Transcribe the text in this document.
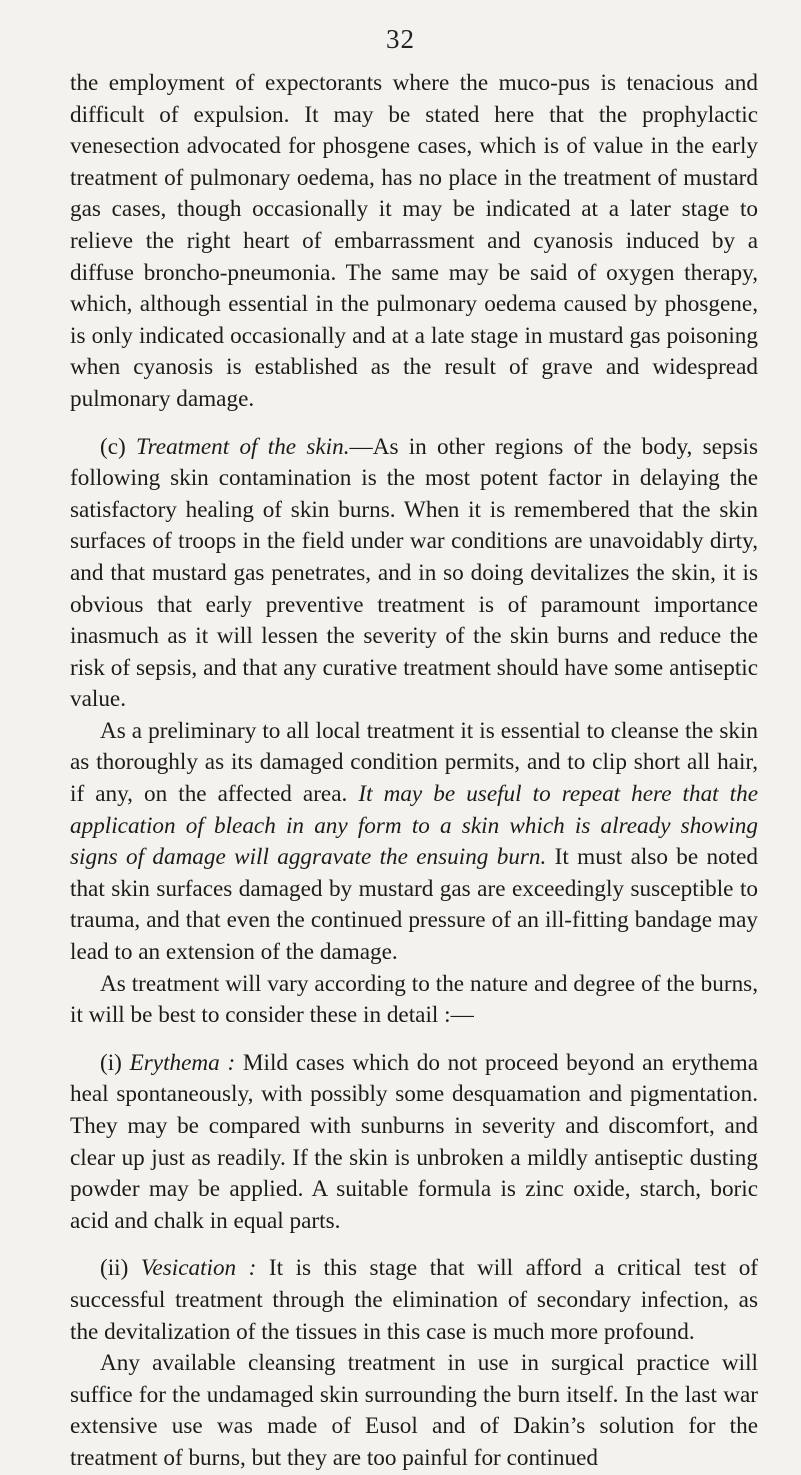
32

the employment of expectorants where the muco-pus is tenacious and difficult of expulsion. It may be stated here that the prophylactic venesection advocated for phosgene cases, which is of value in the early treatment of pulmonary oedema, has no place in the treatment of mustard gas cases, though occasionally it may be indicated at a later stage to relieve the right heart of embarrassment and cyanosis induced by a diffuse broncho-pneumonia. The same may be said of oxygen therapy, which, although essential in the pulmonary oedema caused by phosgene, is only indicated occasionally and at a late stage in mustard gas poisoning when cyanosis is established as the result of grave and widespread pulmonary damage.

(c) Treatment of the skin.—As in other regions of the body, sepsis following skin contamination is the most potent factor in delaying the satisfactory healing of skin burns. When it is remembered that the skin surfaces of troops in the field under war conditions are unavoidably dirty, and that mustard gas penetrates, and in so doing devitalizes the skin, it is obvious that early preventive treatment is of paramount importance inasmuch as it will lessen the severity of the skin burns and reduce the risk of sepsis, and that any curative treatment should have some antiseptic value.

As a preliminary to all local treatment it is essential to cleanse the skin as thoroughly as its damaged condition permits, and to clip short all hair, if any, on the affected area. It may be useful to repeat here that the application of bleach in any form to a skin which is already showing signs of damage will aggravate the ensuing burn. It must also be noted that skin surfaces damaged by mustard gas are exceedingly susceptible to trauma, and that even the continued pressure of an ill-fitting bandage may lead to an extension of the damage.

As treatment will vary according to the nature and degree of the burns, it will be best to consider these in detail :—

(i) Erythema : Mild cases which do not proceed beyond an erythema heal spontaneously, with possibly some desquamation and pigmentation. They may be compared with sunburns in severity and discomfort, and clear up just as readily. If the skin is unbroken a mildly antiseptic dusting powder may be applied. A suitable formula is zinc oxide, starch, boric acid and chalk in equal parts.

(ii) Vesication : It is this stage that will afford a critical test of successful treatment through the elimination of secondary infection, as the devitalization of the tissues in this case is much more profound.

Any available cleansing treatment in use in surgical practice will suffice for the undamaged skin surrounding the burn itself. In the last war extensive use was made of Eusol and of Dakin’s solution for the treatment of burns, but they are too painful for continued
